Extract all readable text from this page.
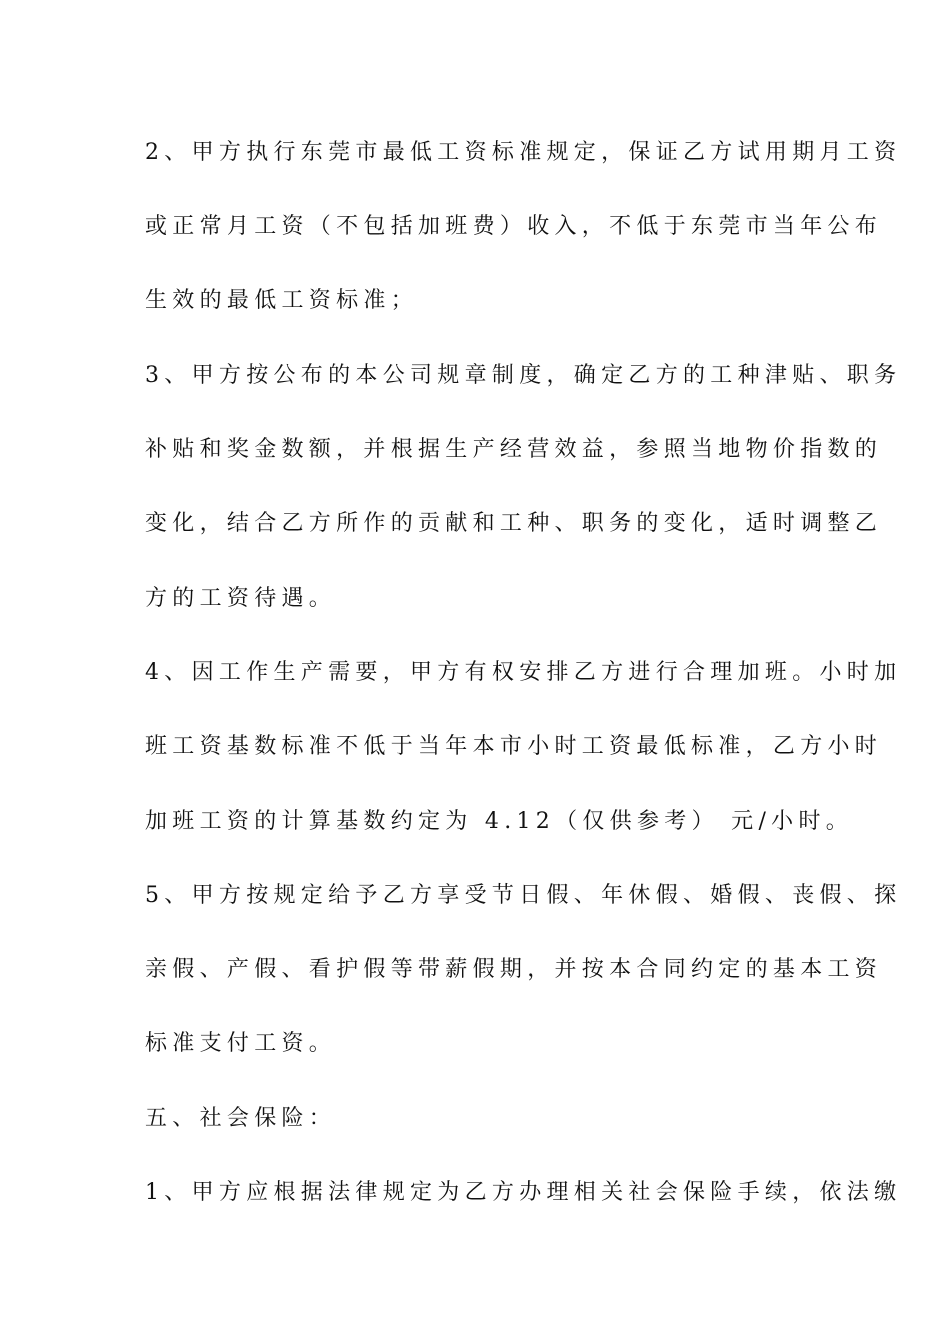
2、甲方执行东莞市最低工资标准规定，保证乙方试用期月工资
或正常月工资（不包括加班费）收入，不低于东莞市当年公布
生效的最低工资标准；
3、甲方按公布的本公司规章制度，确定乙方的工种津贴、职务
补贴和奖金数额，并根据生产经营效益，参照当地物价指数的
变化，结合乙方所作的贡献和工种、职务的变化，适时调整乙
方的工资待遇。
4、因工作生产需要，甲方有权安排乙方进行合理加班。小时加
班工资基数标准不低于当年本市小时工资最低标准，乙方小时
加班工资的计算基数约定为 4.12（仅供参考） 元/小时。
5、甲方按规定给予乙方享受节日假、年休假、婚假、丧假、探
亲假、产假、看护假等带薪假期，并按本合同约定的基本工资
标准支付工资。
五、社会保险：
1、甲方应根据法律规定为乙方办理相关社会保险手续，依法缴
